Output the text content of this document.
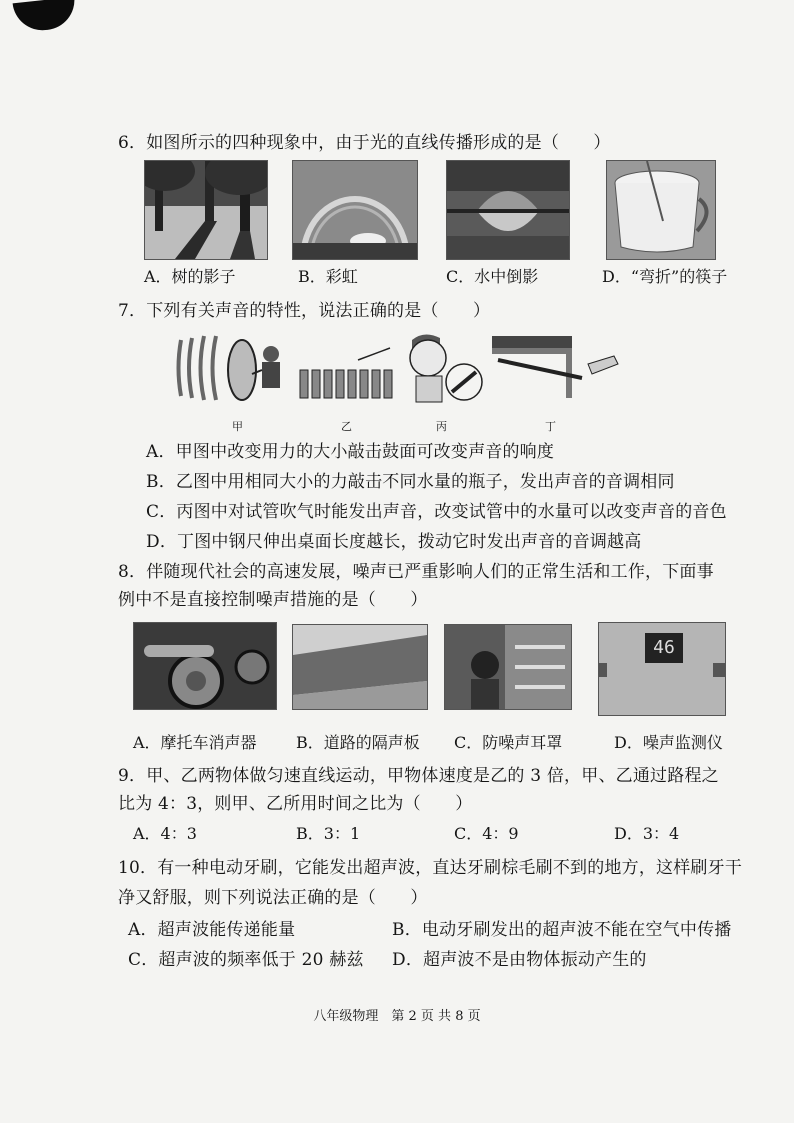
6．如图所示的四种现象中，由于光的直线传播形成的是（　　）
A．树的影子	B．彩虹	C．水中倒影	D．“弯折”的筷子
7．下列有关声音的特性，说法正确的是（　　）
甲	乙	丙	丁
A．甲图中改变用力的大小敲击鼓面可改变声音的响度
B．乙图中用相同大小的力敲击不同水量的瓶子，发出声音的音调相同
C．丙图中对试管吹气时能发出声音，改变试管中的水量可以改变声音的音色
D．丁图中钢尺伸出桌面长度越长，拨动它时发出声音的音调越高
8．伴随现代社会的高速发展，噪声已严重影响人们的正常生活和工作，下面事
例中不是直接控制噪声措施的是（　　）
46
A．摩托车消声器 B．道路的隔声板 C．防噪声耳罩	D．噪声监测仪
9．甲、乙两物体做匀速直线运动，甲物体速度是乙的 3 倍，甲、乙通过路程之
比为 4：3，则甲、乙所用时间之比为（　　）
A．4：3	B．3：1	C．4：9	D．3：4
10．有一种电动牙刷，它能发出超声波，直达牙刷棕毛刷不到的地方，这样刷牙干
净又舒服，则下列说法正确的是（　　）
A．超声波能传递能量	B．电动牙刷发出的超声波不能在空气中传播
C．超声波的频率低于 20 赫兹 D．超声波不是由物体振动产生的
八年级物理　第 2 页 共 8 页
